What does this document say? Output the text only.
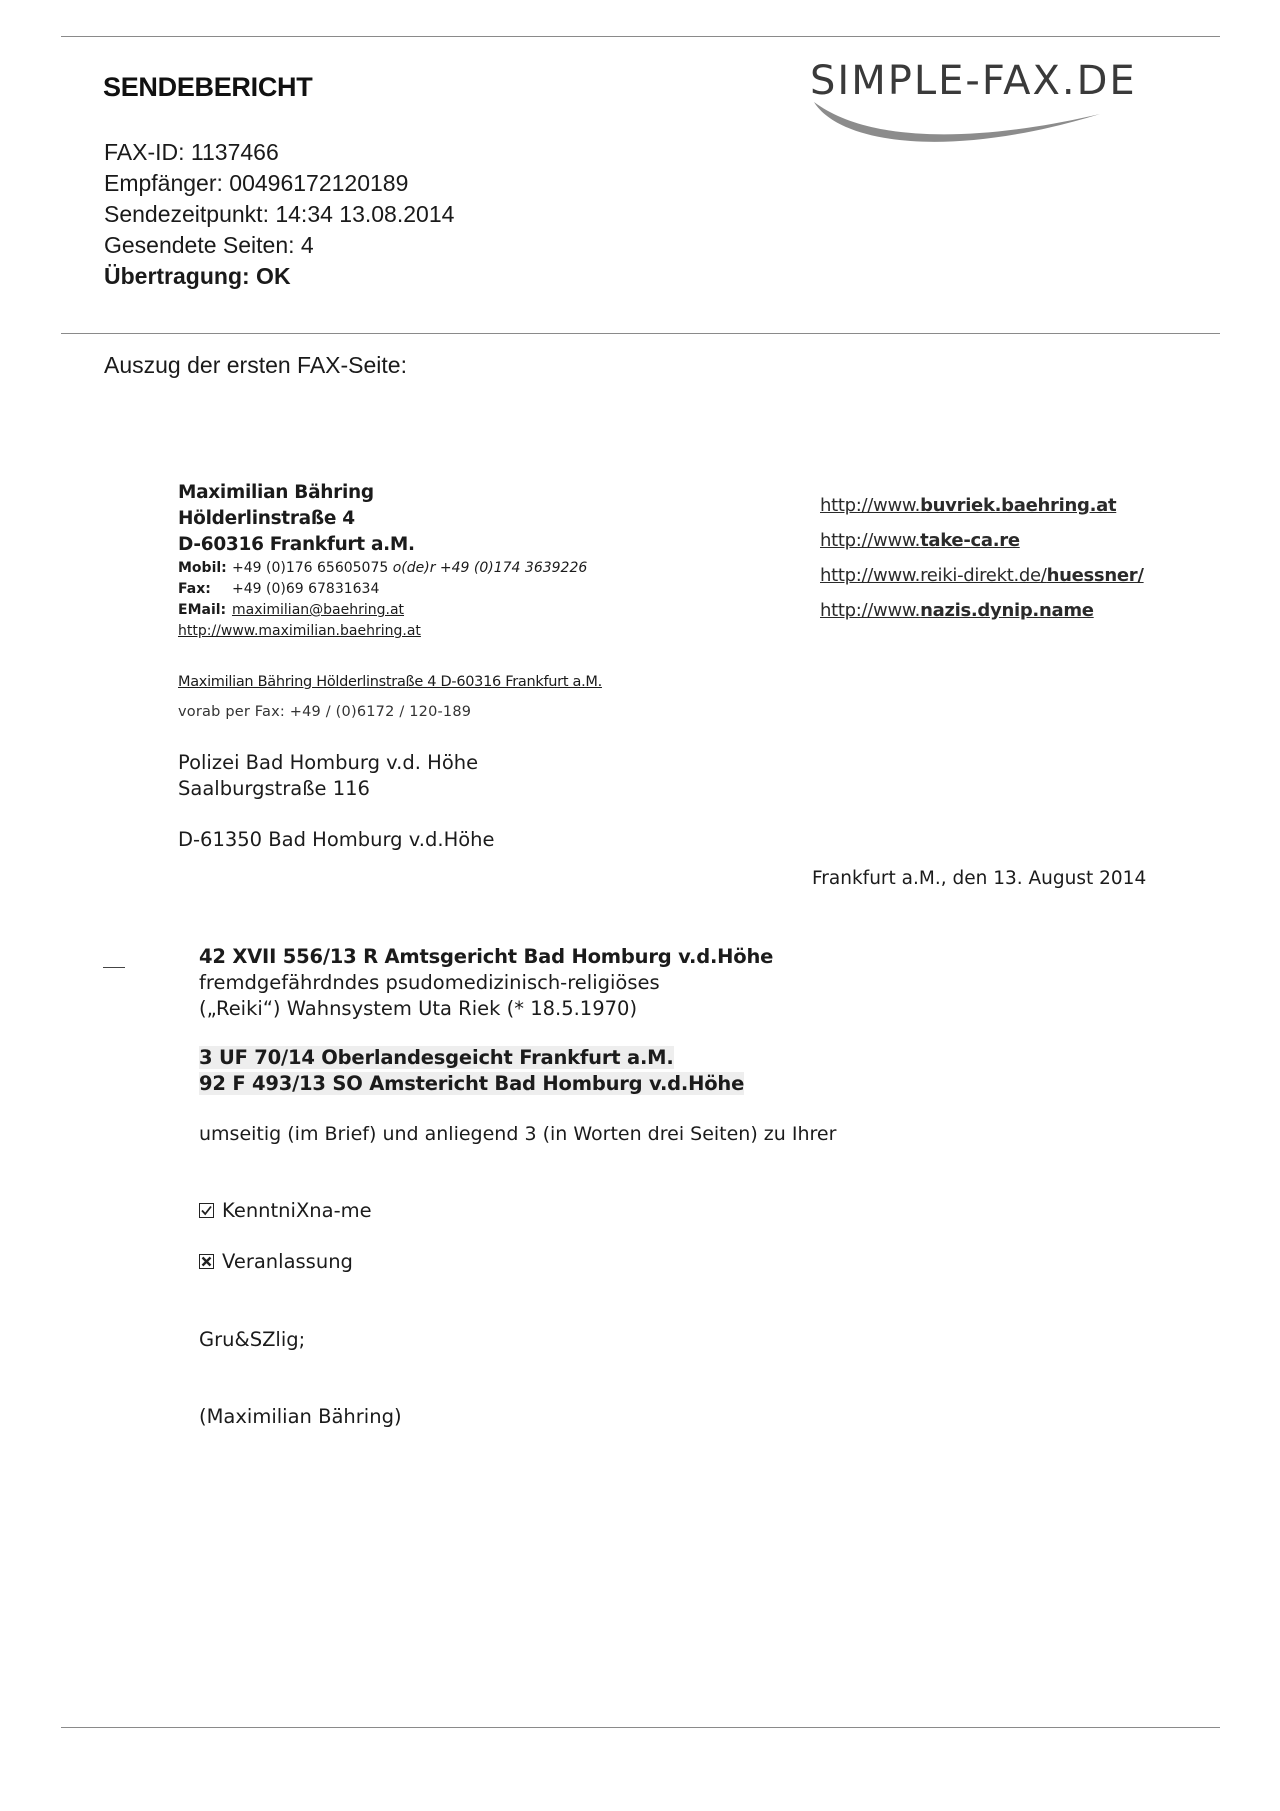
SENDEBERICHT	SIMPLE-FAX.DE
FAX-ID: 1137466
Empfänger: 00496172120189
Sendezeitpunkt: 14:34 13.08.2014
Gesendete Seiten: 4
Übertragung: OK
Auszug der ersten FAX-Seite:
Maximilian Bähring
Hölderlinstraße 4
D-60316 Frankfurt a.M.
Mobil: +49 (0)176 65605075 o(de)r +49 (0)174 3639226
Fax: +49 (0)69 67831634
EMail: maximilian@baehring.at
http://www.maximilian.baehring.at
http://www.buvriek.baehring.at
http://www.take-ca.re
http://www.reiki-direkt.de/huessner/
http://www.nazis.dynip.name
Maximilian Bähring Hölderlinstraße 4 D-60316 Frankfurt a.M.
vorab per Fax: +49 / (0)6172 / 120-189
Polizei Bad Homburg v.d. Höhe
Saalburgstraße 116
D-61350 Bad Homburg v.d.Höhe
Frankfurt a.M., den 13. August 2014
42 XVII 556/13 R Amtsgericht Bad Homburg v.d.Höhe
fremdgefährdndes psudomedizinisch-religiöses
(„Reiki“) Wahnsystem Uta Riek (* 18.5.1970)
3 UF 70/14 Oberlandesgeicht Frankfurt a.M.
92 F 493/13 SO Amstericht Bad Homburg v.d.Höhe
umseitig (im Brief) und anliegend 3 (in Worten drei Seiten) zu Ihrer
KenntniXna-me
Veranlassung
Gru&SZlig;
(Maximilian Bähring)
